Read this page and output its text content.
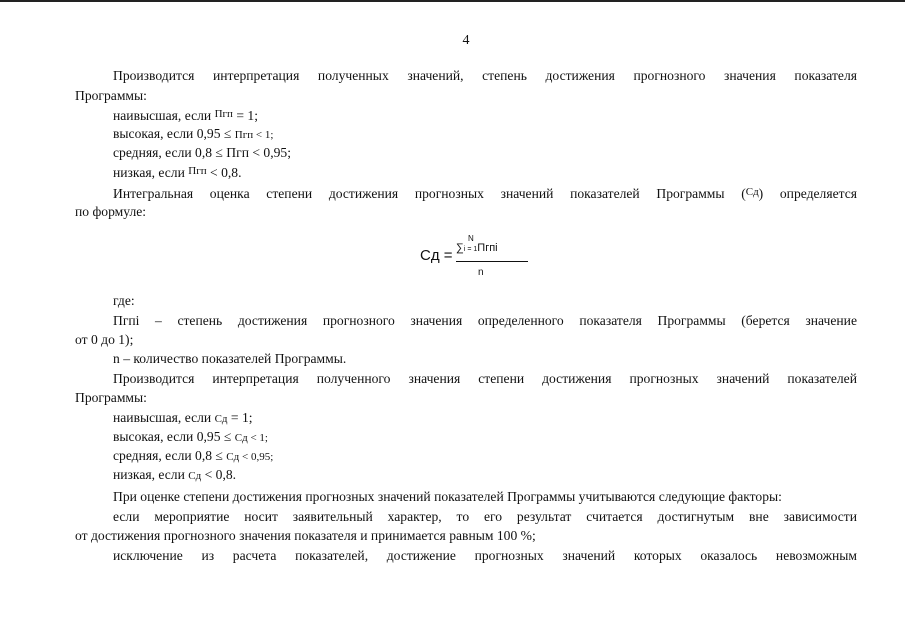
4

Производится интерпретация полученных значений, степень достижения прогнозного значения показателя

Программы:

наивысшая, если $^{Пгп}$ = 1;

высокая, если 0,95 ≤ Пгп < 1;

средняя, если 0,8 ≤ Пгп < 0,95;

низкая, если $^{Пгп}$ < 0,8.

Интегральная оценка степени достижения прогнозных значений показателей Программы ($^{Сд}$) определяется

по формуле:

Сд =
N
∑i = 1Пгпi
n

где:

Пгпi – степень достижения прогнозного значения определенного показателя Программы (берется значение

от 0 до 1);

n – количество показателей Программы.

Производится интерпретация полученного значения степени достижения прогнозных значений показателей

Программы:

наивысшая, если Сд = 1;

высокая, если 0,95 ≤ Сд < 1;

средняя, если 0,8 ≤ Сд < 0,95;

низкая, если Сд < 0,8.

При оценке степени достижения прогнозных значений показателей Программы учитываются следующие факторы:

если мероприятие носит заявительный характер, то его результат считается достигнутым вне зависимости

от достижения прогнозного значения показателя и принимается равным 100 %;

исключение из расчета показателей, достижение прогнозных значений которых оказалось невозможным
